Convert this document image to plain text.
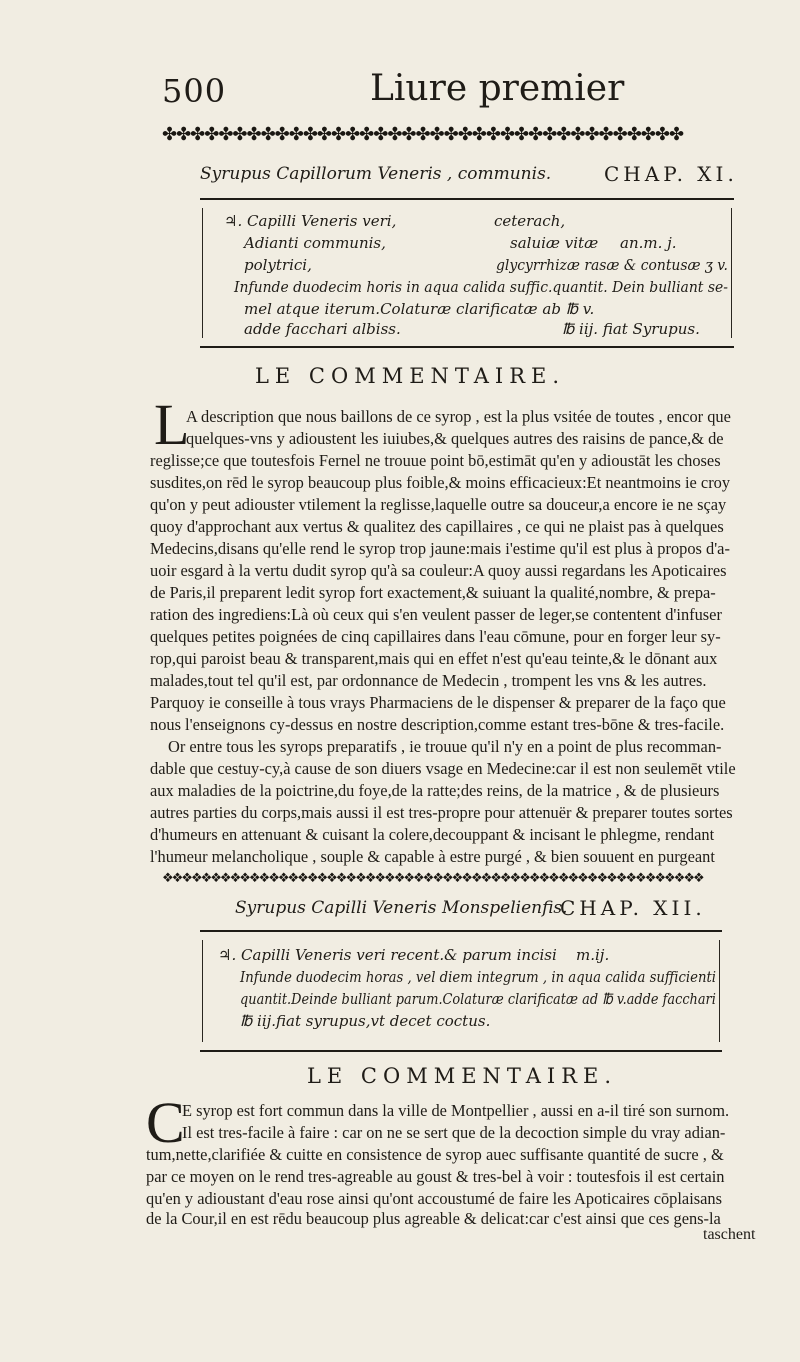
500	Liure premier
✤✤✤✤✤✤✤✤✤✤✤✤✤✤✤✤✤✤✤✤✤✤✤✤✤✤✤✤✤✤✤✤✤✤✤✤✤
Syrupus Capillorum Veneris , communis.	CHAP. XI.
♃. Capilli Veneris veri,	ceterach,
Adianti communis,	saluiæ vitæ an.m. j.
polytrici,	glycyrrhizæ rasæ & contusæ ʒ v.
Infunde duodecim horis in aqua calida suffic.quantit. Dein bulliant se-
mel atque iterum.Colaturæ clarificatæ ab ℔ v.
adde facchari albiss.	℔ iij. fiat Syrupus.
LE COMMENTAIRE.
L
A description que nous baillons de ce syrop , est la plus vsitée de toutes , encor que
quelques-vns y adioustent les iuiubes,& quelques autres des raisins de pance,& de
reglisse;ce que toutesfois Fernel ne trouue point bō,estimāt qu'en y adioustāt les choses
susdites,on rēd le syrop beaucoup plus foible,& moins efficacieux:Et neantmoins ie croy
qu'on y peut adiouster vtilement la reglisse,laquelle outre sa douceur,a encore ie ne sçay
quoy d'approchant aux vertus & qualitez des capillaires , ce qui ne plaist pas à quelques
Medecins,disans qu'elle rend le syrop trop jaune:mais i'estime qu'il est plus à propos d'a-
uoir esgard à la vertu dudit syrop qu'à sa couleur:A quoy aussi regardans les Apoticaires
de Paris,il preparent ledit syrop fort exactement,& suiuant la qualité,nombre, & prepa-
ration des ingrediens:Là où ceux qui s'en veulent passer de leger,se contentent d'infuser
quelques petites poignées de cinq capillaires dans l'eau cōmune, pour en forger leur sy-
rop,qui paroist beau & transparent,mais qui en effet n'est qu'eau teinte,& le dōnant aux
malades,tout tel qu'il est, par ordonnance de Medecin , trompent les vns & les autres.
Parquoy ie conseille à tous vrays Pharmaciens de le dispenser & preparer de la faço que
nous l'enseignons cy-dessus en nostre description,comme estant tres-bōne & tres-facile.
Or entre tous les syrops preparatifs , ie trouue qu'il n'y en a point de plus recomman-
dable que cestuy-cy,à cause de son diuers vsage en Medecine:car il est non seulemēt vtile
aux maladies de la poictrine,du foye,de la ratte;des reins, de la matrice , & de plusieurs
autres parties du corps,mais aussi il est tres-propre pour attenuër & preparer toutes sortes
d'humeurs en attenuant & cuisant la colere,decouppant & incisant le phlegme, rendant
l'humeur melancholique , souple & capable à estre purgé , & bien souuent en purgeant
❖❖❖❖❖❖❖❖❖❖❖❖❖❖❖❖❖❖❖❖❖❖❖❖❖❖❖❖❖❖❖❖❖❖❖❖❖❖❖❖❖❖❖❖❖❖❖❖❖❖❖❖❖❖❖❖
Syrupus Capilli Veneris Monspelienfis.
CHAP. XII.
♃. Capilli Veneris veri recent.& parum incisi m.ij.
Infunde duodecim horas , vel diem integrum , in aqua calida sufficienti
quantit.Deinde bulliant parum.Colaturæ clarificatæ ad ℔ v.adde facchari
℔ iij.fiat syrupus,vt decet coctus.
LE COMMENTAIRE.
C
E syrop est fort commun dans la ville de Montpellier , aussi en a-il tiré son surnom.
Il est tres-facile à faire : car on ne se sert que de la decoction simple du vray adian-
tum,nette,clarifiée & cuitte en consistence de syrop auec suffisante quantité de sucre , &
par ce moyen on le rend tres-agreable au goust & tres-bel à voir : toutesfois il est certain
qu'en y adioustant d'eau rose ainsi qu'ont accoustumé de faire les Apoticaires cōplaisans
de la Cour,il en est rēdu beaucoup plus agreable & delicat:car c'est ainsi que ces gens-la
taschent
